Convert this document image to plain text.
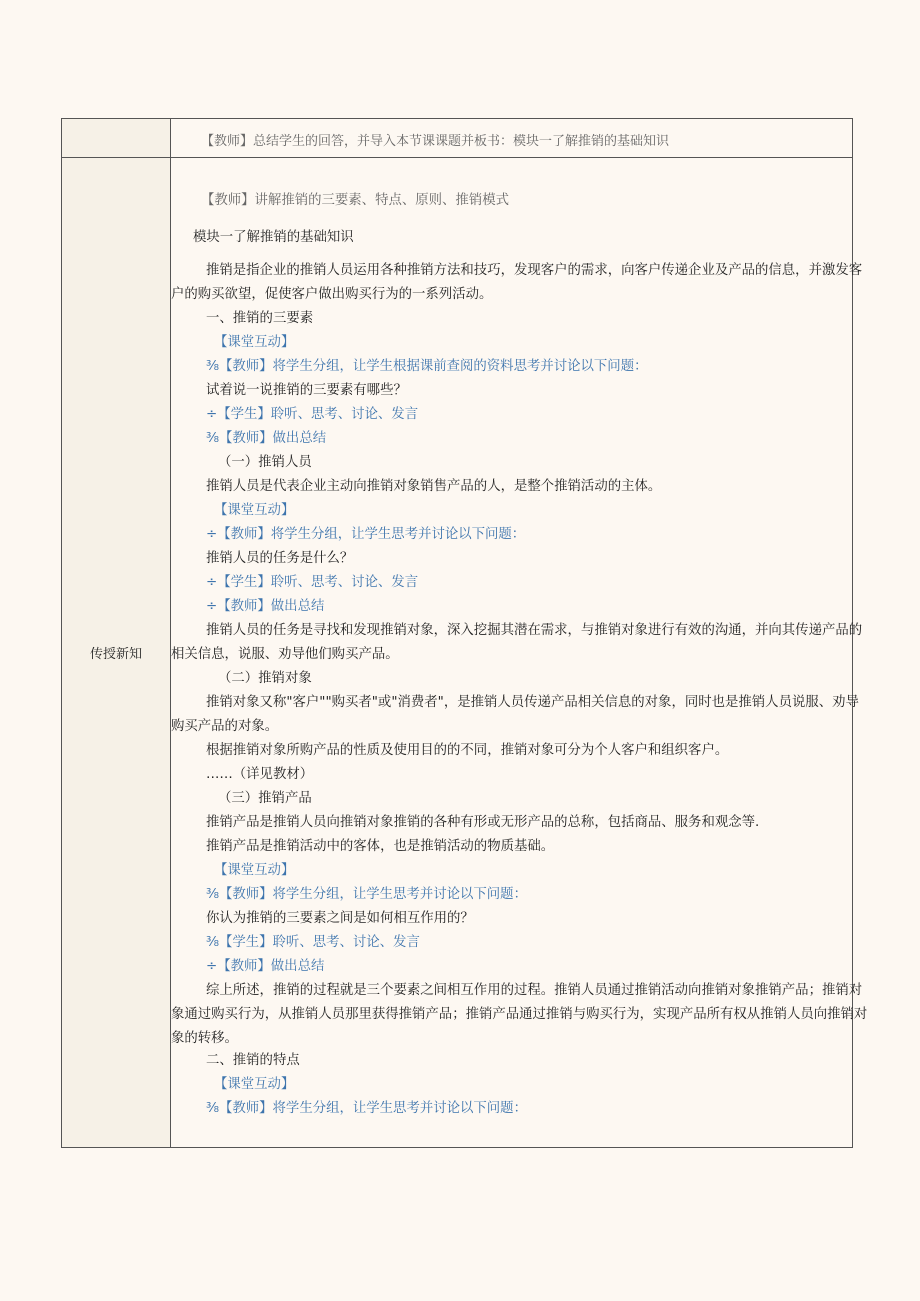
【教师】总结学生的回答，并导入本节课课题并板书：模块一了解推销的基础知识
传授新知
【教师】讲解推销的三要素、特点、原则、推销模式
模块一了解推销的基础知识
推销是指企业的推销人员运用各种推销方法和技巧，发现客户的需求，向客户传递企业及产品的信息，并激发客
户的购买欲望，促使客户做出购买行为的一系列活动。
一、推销的三要素
【课堂互动】
⅜【教师】将学生分组，让学生根据课前查阅的资料思考并讨论以下问题：
试着说一说推销的三要素有哪些？
÷【学生】聆听、思考、讨论、发言
⅜【教师】做出总结
（一）推销人员
推销人员是代表企业主动向推销对象销售产品的人，是整个推销活动的主体。
【课堂互动】
÷【教师】将学生分组，让学生思考并讨论以下问题：
推销人员的任务是什么？
÷【学生】聆听、思考、讨论、发言
÷【教师】做出总结
推销人员的任务是寻找和发现推销对象，深入挖掘其潜在需求，与推销对象进行有效的沟通，并向其传递产品的
相关信息，说服、劝导他们购买产品。
（二）推销对象
推销对象又称"客户""购买者"或"消费者"，是推销人员传递产品相关信息的对象，同时也是推销人员说服、劝导
购买产品的对象。
根据推销对象所购产品的性质及使用目的的不同，推销对象可分为个人客户和组织客户。
……（详见教材）
（三）推销产品
推销产品是推销人员向推销对象推销的各种有形或无形产品的总称，包括商品、服务和观念等.
推销产品是推销活动中的客体，也是推销活动的物质基础。
【课堂互动】
⅜【教师】将学生分组，让学生思考并讨论以下问题：
你认为推销的三要素之间是如何相互作用的？
⅜【学生】聆听、思考、讨论、发言
÷【教师】做出总结
综上所述，推销的过程就是三个要素之间相互作用的过程。推销人员通过推销活动向推销对象推销产品；推销对
象通过购买行为，从推销人员那里获得推销产品；推销产品通过推销与购买行为，实现产品所有权从推销人员向推销对
象的转移。
二、推销的特点
【课堂互动】
⅜【教师】将学生分组，让学生思考并讨论以下问题：
